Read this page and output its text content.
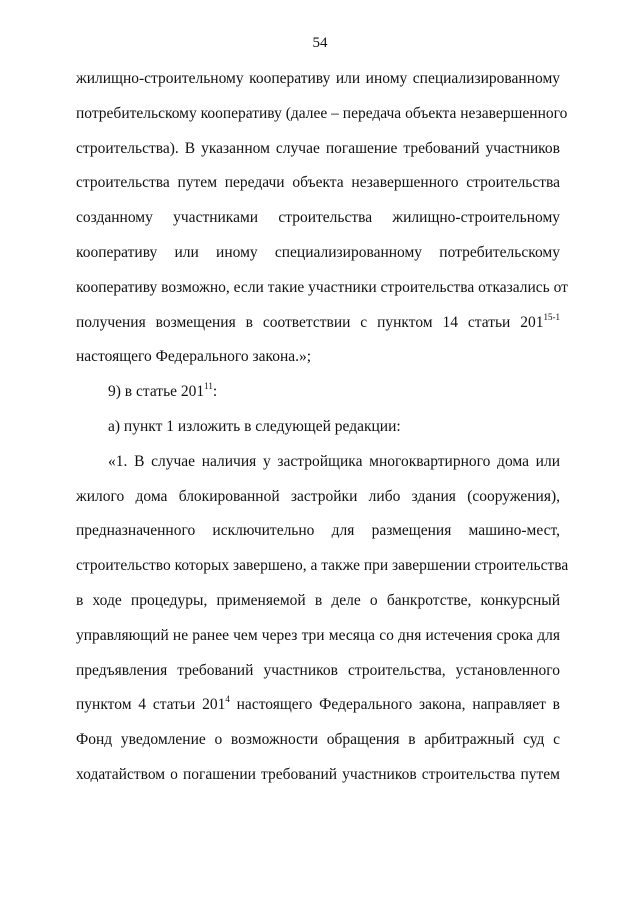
54
жилищно-строительному кооперативу или иному специализированному
потребительскому кооперативу (далее – передача объекта незавершенного
строительства). В указанном случае погашение требований участников
строительства путем передачи объекта незавершенного строительства
созданному участниками строительства жилищно-строительному
кооперативу или иному специализированному потребительскому
кооперативу возможно, если такие участники строительства отказались от
получения возмещения в соответствии с пунктом 14 статьи 201$^{15-1}$
настоящего Федерального закона.»;
9) в статье $201^{11}$:
а) пункт 1 изложить в следующей редакции:
«1. В случае наличия у застройщика многоквартирного дома или
жилого дома блокированной застройки либо здания (сооружения),
предназначенного исключительно для размещения машино-мест,
строительство которых завершено, а также при завершении строительства
в ходе процедуры, применяемой в деле о банкротстве, конкурсный
управляющий не ранее чем через три месяца со дня истечения срока для
предъявления требований участников строительства, установленного
пунктом 4 статьи $201^4$ настоящего Федерального закона, направляет в
Фонд уведомление о возможности обращения в арбитражный суд с
ходатайством о погашении требований участников строительства путем
